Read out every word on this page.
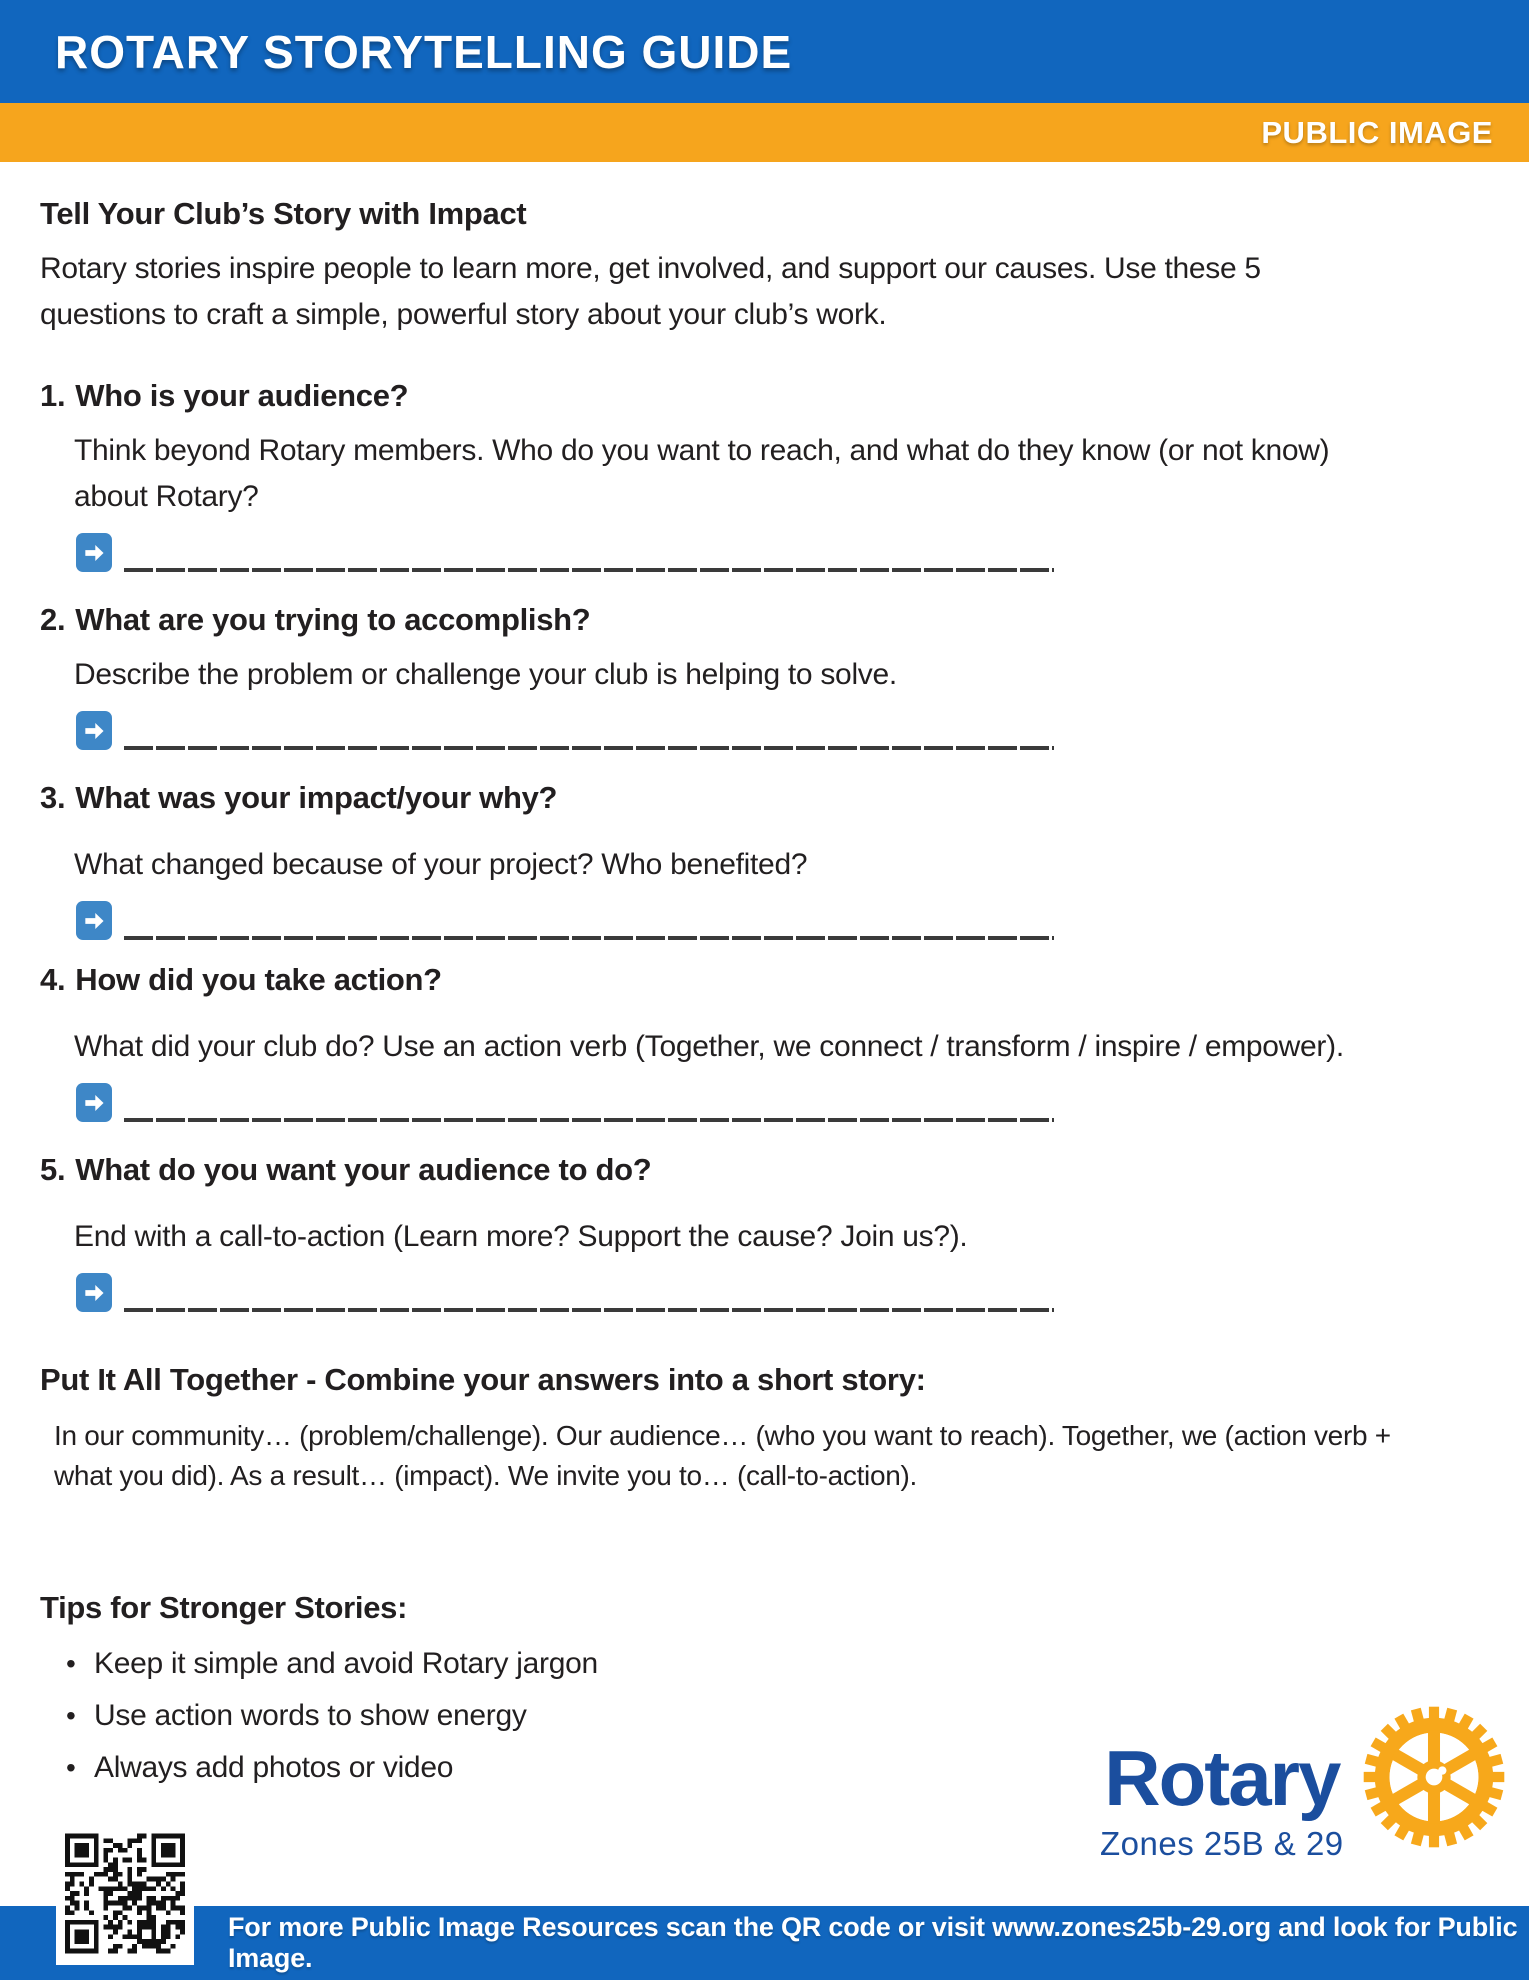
ROTARY STORYTELLING GUIDE
PUBLIC IMAGE
Tell Your Club’s Story with Impact
Rotary stories inspire people to learn more, get involved, and support our causes. Use these 5 questions to craft a simple, powerful story about your club’s work.
1. Who is your audience?
Think beyond Rotary members. Who do you want to reach, and what do they know (or not know) about Rotary?
2. What are you trying to accomplish?
Describe the problem or challenge your club is helping to solve.
3. What was your impact/your why?
What changed because of your project? Who benefited?
4. How did you take action?
What did your club do? Use an action verb (Together, we connect / transform / inspire / empower).
5. What do you want your audience to do?
End with a call-to-action (Learn more? Support the cause? Join us?).
Put It All Together - Combine your answers into a short story:
In our community… (problem/challenge). Our audience… (who you want to reach). Together, we (action verb + what you did). As a result… (impact). We invite you to… (call-to-action).
Tips for Stronger Stories:
• Keep it simple and avoid Rotary jargon
• Use action words to show energy
• Always add photos or video	Rotary
Zones 25B & 29
For more Public Image Resources scan the QR code or visit www.zones25b-29.org and look for Public Image.
